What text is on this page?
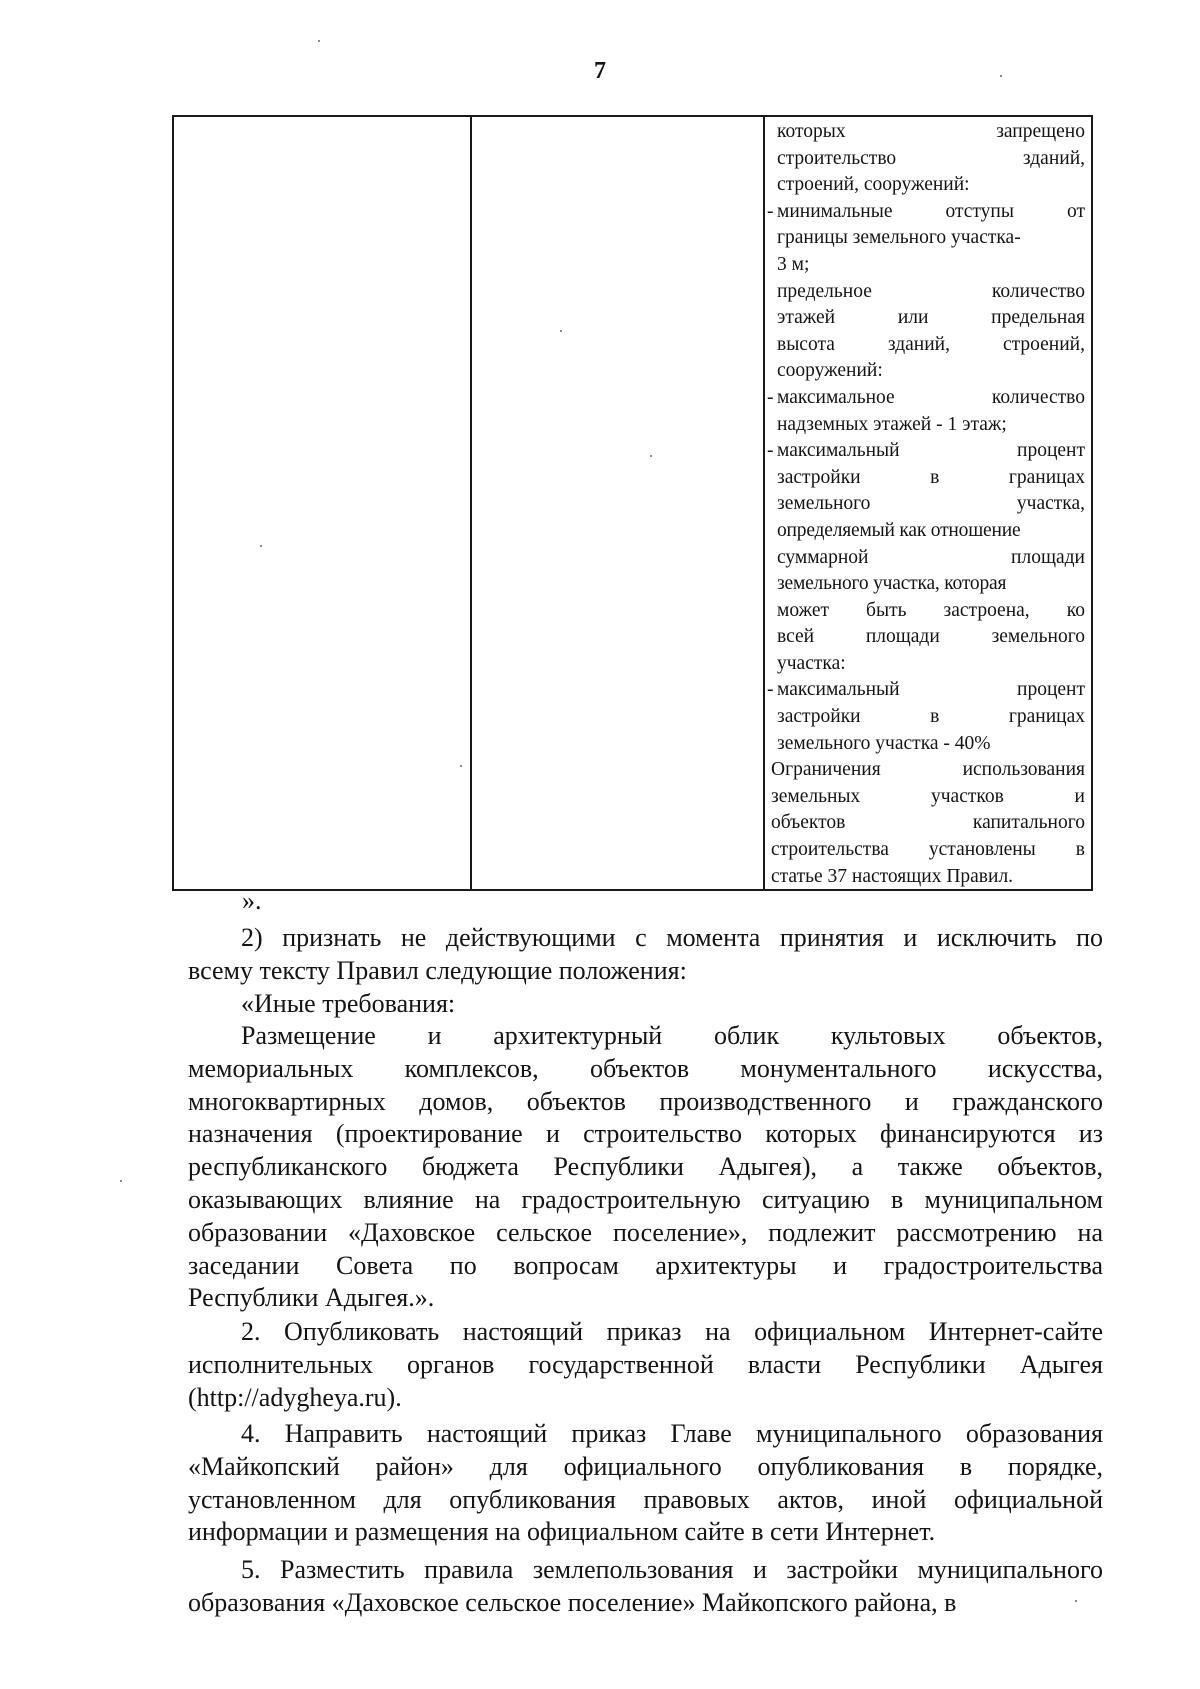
7
которых	запрещено
строительство	зданий,
строений, сооружений:
- минимальные	отступы	от
границы земельного участка-
3 м;
предельное	количество
этажей	или	предельная
высота	зданий,	строений,
сооружений:
- максимальное	количество
надземных этажей - 1 этаж;
- максимальный	процент
застройки	в	границах
земельного	участка,
определяемый как отношение
суммарной	площади
земельного участка, которая
может быть застроена, ко
всей	площади	земельного
участка:
- максимальный	процент
застройки	в	границах
земельного участка - 40%
Ограничения	использования
земельных	участков	и
объектов	капитального
строительства установлены в
статье 37 настоящих Правил.
».

2) признать не действующими с момента принятия и исключить по

всему тексту Правил следующие положения:

«Иные требования:

Размещение и архитектурный облик культовых объектов,

мемориальных комплексов, объектов монументального искусства,

многоквартирных домов, объектов производственного и гражданского

назначения (проектирование и строительство которых финансируются из

республиканского бюджета Республики Адыгея), а также объектов,

оказывающих влияние на градостроительную ситуацию в муниципальном

образовании «Даховское сельское поселение», подлежит рассмотрению на

заседании Совета по вопросам архитектуры и градостроительства

Республики Адыгея.».

2. Опубликовать настоящий приказ на официальном Интернет-сайте

исполнительных органов государственной власти Республики Адыгея

(http://adygheya.ru).

4. Направить настоящий приказ Главе муниципального образования

«Майкопский район» для официального опубликования в порядке,

установленном для опубликования правовых актов, иной официальной

информации и размещения на официальном сайте в сети Интернет.

5. Разместить правила землепользования и застройки муниципального

образования «Даховское сельское поселение» Майкопского района, в
